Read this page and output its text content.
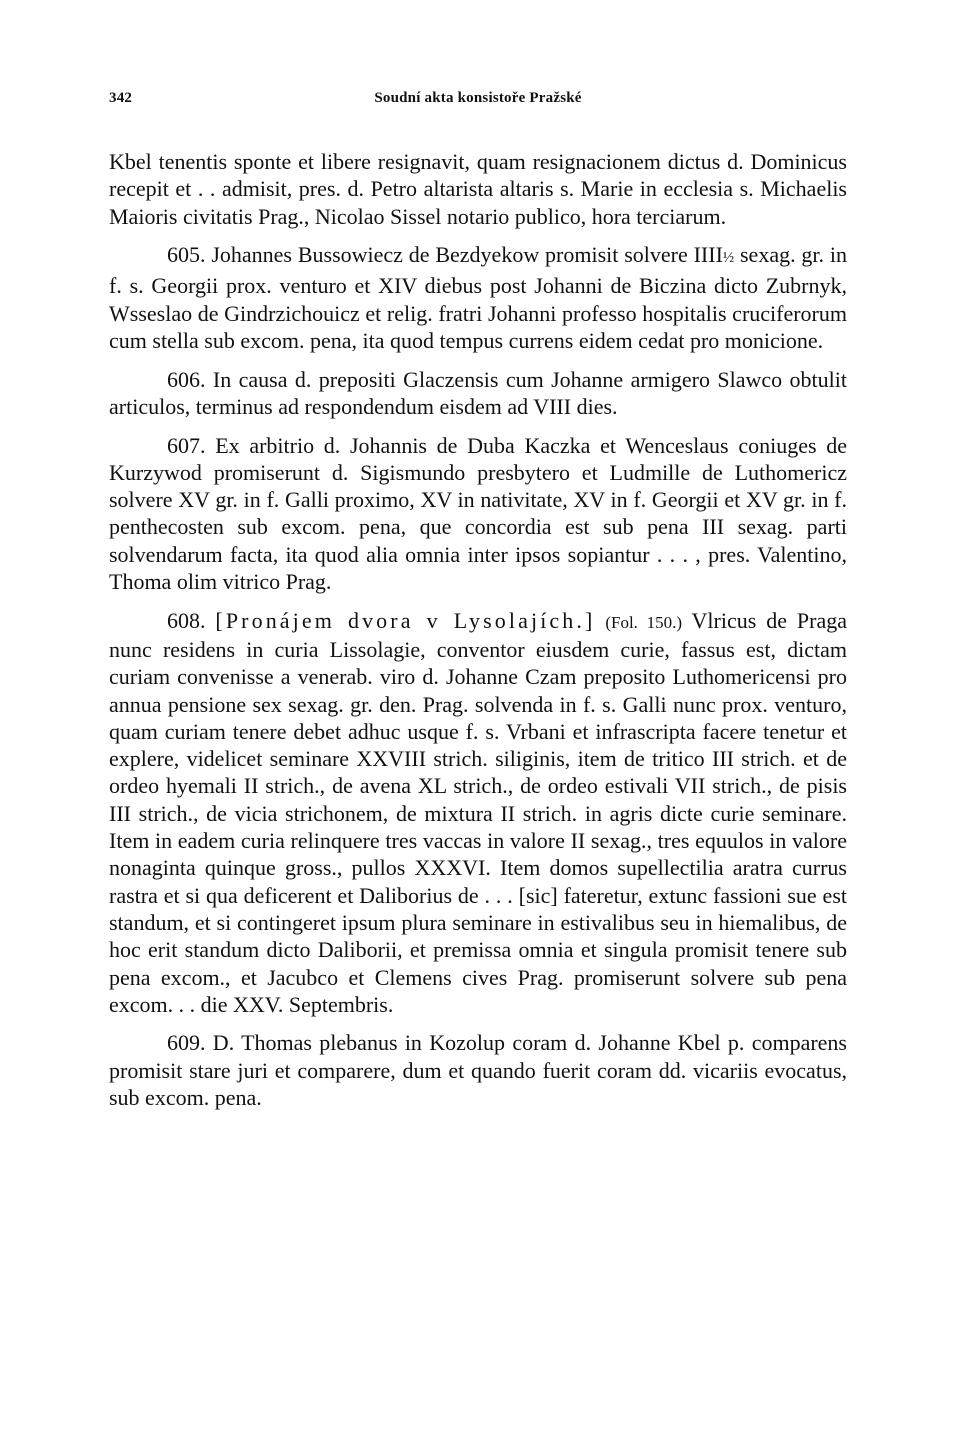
342	Soudní akta konsistoře Pražské

Kbel tenentis sponte et libere resignavit, quam resignacionem dictus d. Dominicus recepit et . . admisit, pres. d. Petro altarista altaris s. Marie in ecclesia s. Michaelis Maioris civitatis Prag., Nicolao Sissel notario publico, hora terciarum.

605. Johannes Bussowiecz de Bezdyekow promisit solvere IIII½ sexag. gr. in f. s. Georgii prox. venturo et XIV diebus post Johanni de Biczina dicto Zubrnyk, Wsseslao de Gindrzichouicz et relig. fratri Johanni professo hospitalis cruciferorum cum stella sub excom. pena, ita quod tempus currens eidem cedat pro monicione.

606. In causa d. prepositi Glaczensis cum Johanne armigero Slawco obtulit articulos, terminus ad respondendum eisdem ad VIII dies.

607. Ex arbitrio d. Johannis de Duba Kaczka et Wenceslaus coniuges de Kurzywod promiserunt d. Sigismundo presbytero et Ludmille de Luthomericz solvere XV gr. in f. Galli proximo, XV in nativitate, XV in f. Georgii et XV gr. in f. penthecosten sub excom. pena, que concordia est sub pena III sexag. parti solvendarum facta, ita quod alia omnia inter ipsos sopiantur . . . , pres. Valentino, Thoma olim vitrico Prag.

608. [Pronájem dvora v Lysolajích.] (Fol. 150.) Vlricus de Praga nunc residens in curia Lissolagie, conventor eiusdem curie, fassus est, dictam curiam convenisse a venerab. viro d. Johanne Czam preposito Luthomericensi pro annua pensione sex sexag. gr. den. Prag. solvenda in f. s. Galli nunc prox. venturo, quam curiam tenere debet adhuc usque f. s. Vrbani et infrascripta facere tenetur et explere, videlicet seminare XXVIII strich. siliginis, item de tritico III strich. et de ordeo hyemali II strich., de avena XL strich., de ordeo estivali VII strich., de pisis III strich., de vicia strichonem, de mixtura II strich. in agris dicte curie seminare. Item in eadem curia relinquere tres vaccas in valore II sexag., tres equulos in valore nonaginta quinque gross., pullos XXXVI. Item domos supellectilia aratra currus rastra et si qua deficerent et Daliborius de . . . [sic] fateretur, extunc fassioni sue est standum, et si contingeret ipsum plura seminare in estivalibus seu in hiemalibus, de hoc erit standum dicto Daliborii, et premissa omnia et singula promisit tenere sub pena excom., et Jacubco et Clemens cives Prag. promiserunt solvere sub pena excom. . . die XXV. Septembris.

609. D. Thomas plebanus in Kozolup coram d. Johanne Kbel p. comparens promisit stare juri et comparere, dum et quando fuerit coram dd. vicariis evocatus, sub excom. pena.
